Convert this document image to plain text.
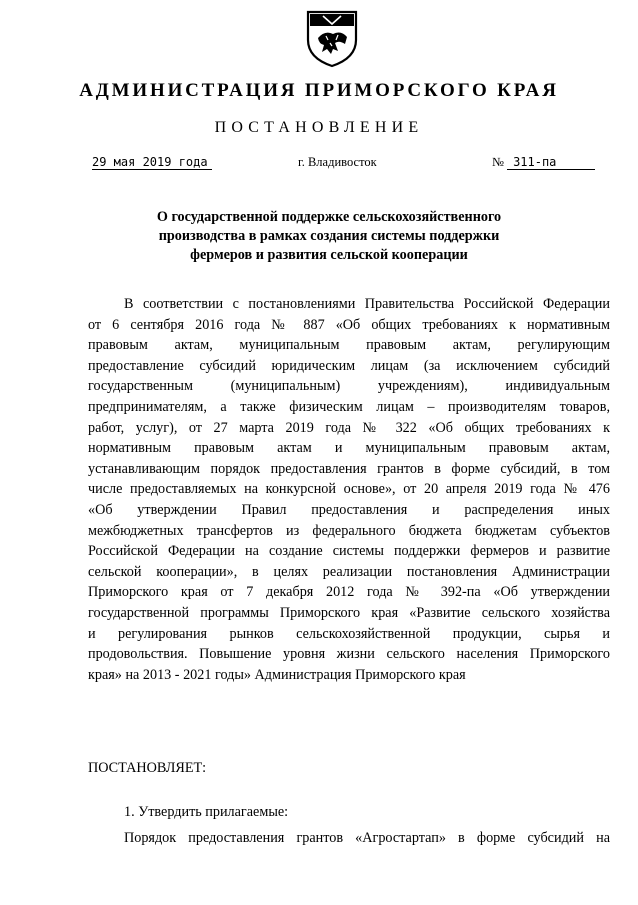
АДМИНИСТРАЦИЯ ПРИМОРСКОГО КРАЯ
ПОСТАНОВЛЕНИЕ
29 мая 2019 года	г. Владивосток	№ 311-па
О государственной поддержке сельскохозяйственного
производства в рамках создания системы поддержки
фермеров и развития сельской кооперации
В соответствии с постановлениями Правительства Российской Федерации
от 6 сентября 2016 года № 887 «Об общих требованиях к нормативным
правовым актам, муниципальным правовым актам, регулирующим
предоставление субсидий юридическим лицам (за исключением субсидий
государственным (муниципальным) учреждениям), индивидуальным
предпринимателям, а также физическим лицам – производителям товаров,
работ, услуг), от 27 марта 2019 года № 322 «Об общих требованиях к
нормативным правовым актам и муниципальным правовым актам,
устанавливающим порядок предоставления грантов в форме субсидий, в том
числе предоставляемых на конкурсной основе», от 20 апреля 2019 года № 476
«Об утверждении Правил предоставления и распределения иных
межбюджетных трансфертов из федерального бюджета бюджетам субъектов
Российской Федерации на создание системы поддержки фермеров и развитие
сельской кооперации», в целях реализации постановления Администрации
Приморского края от 7 декабря 2012 года № 392-па «Об утверждении
государственной программы Приморского края «Развитие сельского хозяйства
и регулирования рынков сельскохозяйственной продукции, сырья и
продовольствия. Повышение уровня жизни сельского населения Приморского
края» на 2013 - 2021 годы» Администрация Приморского края
ПОСТАНОВЛЯЕТ:
1. Утвердить прилагаемые:
Порядок предоставления грантов «Агростартап» в форме субсидий на
